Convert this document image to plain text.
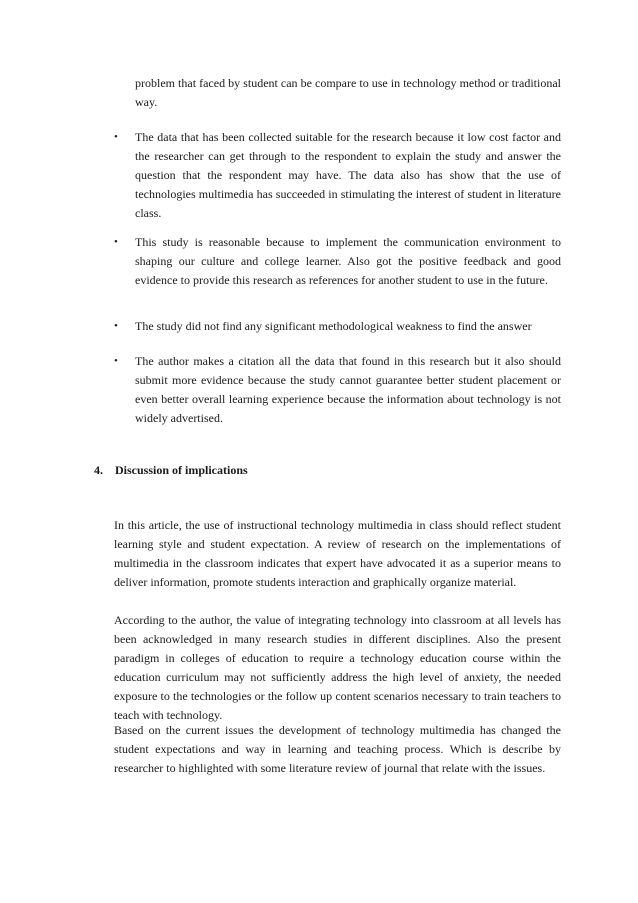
problem that faced by student can be compare to use in technology method or traditional way.

•	The data that has been collected suitable for the research because it low cost factor and the researcher can get through to the respondent to explain the study and answer the question that the respondent may have. The data also has show that the use of technologies multimedia has succeeded in stimulating the interest of student in literature class.

•	This study is reasonable because to implement the communication environment to shaping our culture and college learner. Also got the positive feedback and good evidence to provide this research as references for another student to use in the future.

•	The study did not find any significant methodological weakness to find the answer

•	The author makes a citation all the data that found in this research but it also should submit more evidence because the study cannot guarantee better student placement or even better overall learning experience because the information about technology is not widely advertised.

4. Discussion of implications

In this article, the use of instructional technology multimedia in class should reflect student learning style and student expectation. A review of research on the implementations of multimedia in the classroom indicates that expert have advocated it as a superior means to deliver information, promote students interaction and graphically organize material.

According to the author, the value of integrating technology into classroom at all levels has been acknowledged in many research studies in different disciplines. Also the present paradigm in colleges of education to require a technology education course within the education curriculum may not sufficiently address the high level of anxiety, the needed exposure to the technologies or the follow up content scenarios necessary to train teachers to teach with technology.

Based on the current issues the development of technology multimedia has changed the student expectations and way in learning and teaching process. Which is describe by researcher to highlighted with some literature review of journal that relate with the issues.
